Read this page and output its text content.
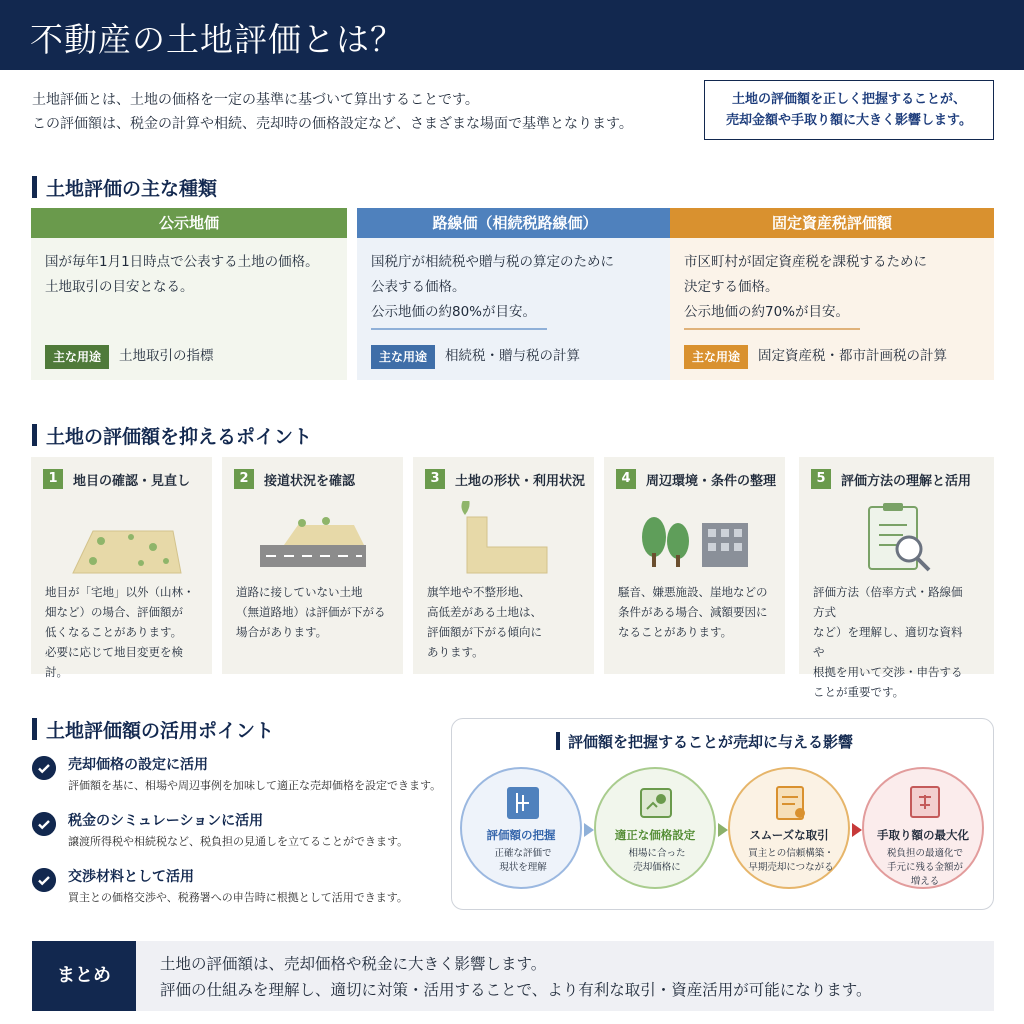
不動産の土地評価とは？
土地評価とは、土地の価格を一定の基準に基づいて算出することです。
この評価額は、税金の計算や相続、売却時の価格設定など、さまざまな場面で基準となります。
土地の評価額を正しく把握することが、
売却金額や手取り額に大きく影響します。
土地評価の主な種類
公示地価
国が毎年1月1日時点で公表する土地の価格。
土地取引の目安となる。
主な用途	土地取引の指標
路線価（相続税路線価）
国税庁が相続税や贈与税の算定のために
公表する価格。
公示地価の約80%が目安。
主な用途	相続税・贈与税の計算
固定資産税評価額
市区町村が固定資産税を課税するために
決定する価格。
公示地価の約70%が目安。
主な用途	固定資産税・都市計画税の計算
土地の評価額を抑えるポイント
1	地目の確認・見直し
地目が「宅地」以外（山林・
畑など）の場合、評価額が
低くなることがあります。
必要に応じて地目変更を検討。
2	接道状況を確認
道路に接していない土地
（無道路地）は評価が下がる
場合があります。
3	土地の形状・利用状況
旗竿地や不整形地、
高低差がある土地は、
評価額が下がる傾向に
あります。
4	周辺環境・条件の整理
騒音、嫌悪施設、崖地などの
条件がある場合、減額要因に
なることがあります。
5	評価方法の理解と活用
評価方法（倍率方式・路線価方式
など）を理解し、適切な資料や
根拠を用いて交渉・申告する
ことが重要です。
土地評価額の活用ポイント
売却価格の設定に活用
評価額を基に、相場や周辺事例を加味して適正な売却価格を設定できます。
税金のシミュレーションに活用
譲渡所得税や相続税など、税負担の見通しを立てることができます。
交渉材料として活用
買主との価格交渉や、税務署への申告時に根拠として活用できます。
評価額を把握することが売却に与える影響
評価額の把握
正確な評価で
現状を理解
適正な価格設定
相場に合った
売却価格に
スムーズな取引
買主との信頼構築・
早期売却につながる
手取り額の最大化
税負担の最適化で
手元に残る金額が
増える
まとめ
土地の評価額は、売却価格や税金に大きく影響します。
評価の仕組みを理解し、適切に対策・活用することで、より有利な取引・資産活用が可能になります。
